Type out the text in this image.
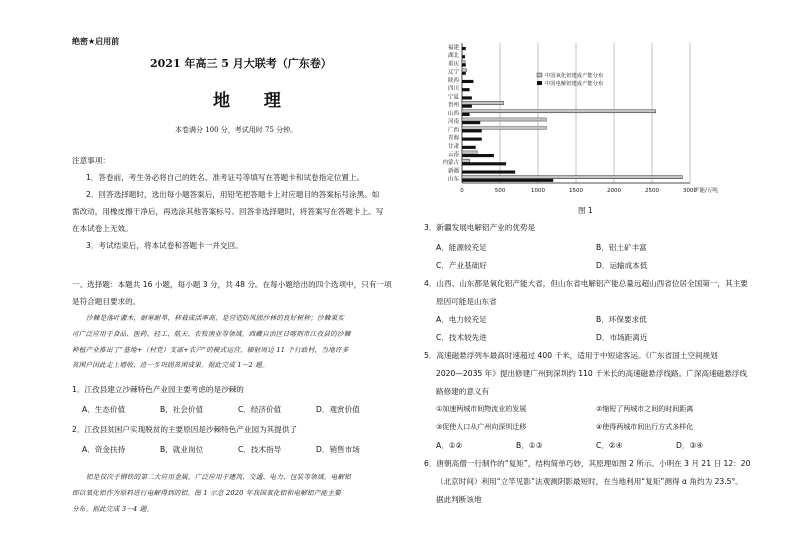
绝密★启用前
2021 年高三 5 月大联考（广东卷）
地 理
本卷满分 100 分，考试用时 75 分钟。
注意事项：
1．答卷前，考生务必将自己的姓名、准考证号等填写在答题卡和试卷指定位置上。
2．回答选择题时，选出每小题答案后，用铅笔把答题卡上对应题目的答案标号涂黑。如
需改动，用橡皮擦干净后，再选涂其他答案标号。回答非选择题时，将答案写在答题卡上。写
在本试卷上无效。
3．考试结束后，将本试卷和答题卡一并交回。
一、选择题：本题共 16 小题，每小题 3 分，共 48 分。在每小题给出的四个选项中，只有一项
是符合题目要求的。
沙棘是落叶灌木，耐寒耐旱，移栽成活率高，是营造防风固沙林的良好树种；沙棘果实
可广泛应用于食品、医药、轻工、航天、农牧渔业等领域。西藏自治区日喀则市江孜县的沙棘
种植产业推出了“基地+（村党）支部+农户”的模式运营，辐射周边 11 个行政村，当地许多
贫困户因此走上增收，进一步巩固贫困成果。据此完成 1～2 题。
1．江孜县建立沙棘特色产业园主要考虑的是沙棘的
A．生态价值	B．社会价值	C．经济价值	D．观赏价值
2．江孜县贫困户实现脱贫的主要原因是沙棘特色产业园为其提供了
A．资金扶持	B．就业岗位	C．技术指导	D．销售市场
铝是仅次于钢铁的第二大应用金属，广泛应用于建筑、交通、电力、包装等领域。电解铝
即以氧化铝作为原料进行电解得到的铝。图 1 示意 2020 年我国氧化铝和电解铝产能主要
分布。据此完成 3～4 题。
0	500	1000	1500	2000	2500	3000
产能/万吨
福建
湖北
重庆
辽宁
陕西
四川
宁夏
贵州
山西
河南
广西
青海
甘肃
云南
内蒙古
新疆
山东
中国氧化铝建成产能分布
中国电解铝建成产能分布
图 1
3．新疆发展电解铝产业的优势是
A．能源较充足	B．铝土矿丰富
C．产业基础好	D．运输成本低
4．山西、山东都是氧化铝产能大省，但山东省电解铝产能总量远超山西省位居全国第一，其主要
原因可能是山东省
A．电力较充足	B．环保要求低
C．技术较先进	D．市场距离近
5．高速磁悬浮列车最高时速超过 400 千米，适用于中短途客运。《广东省国土空间规划
2020—2035 年》提出修建广州到深圳约 110 千米长的高速磁悬浮线路。广深高速磁悬浮线
路修建的意义有
①加速两城市间物流业的发展	②缩短了两城市之间的时间距离
③促使人口从广州向深圳迁移	④使得两城市间出行方式多样化
A．①②	B．①③	C．②④	D．③④
6．唐朝高僧一行制作的“复矩”，结构简单巧妙，其原理如图 2 所示。小明在 3 月 21 日 12：20
（北京时间）利用“立竿见影”法观测阴影最短时，在当地利用“复矩”测得 α 角约为 23.5°。
据此判断该地
